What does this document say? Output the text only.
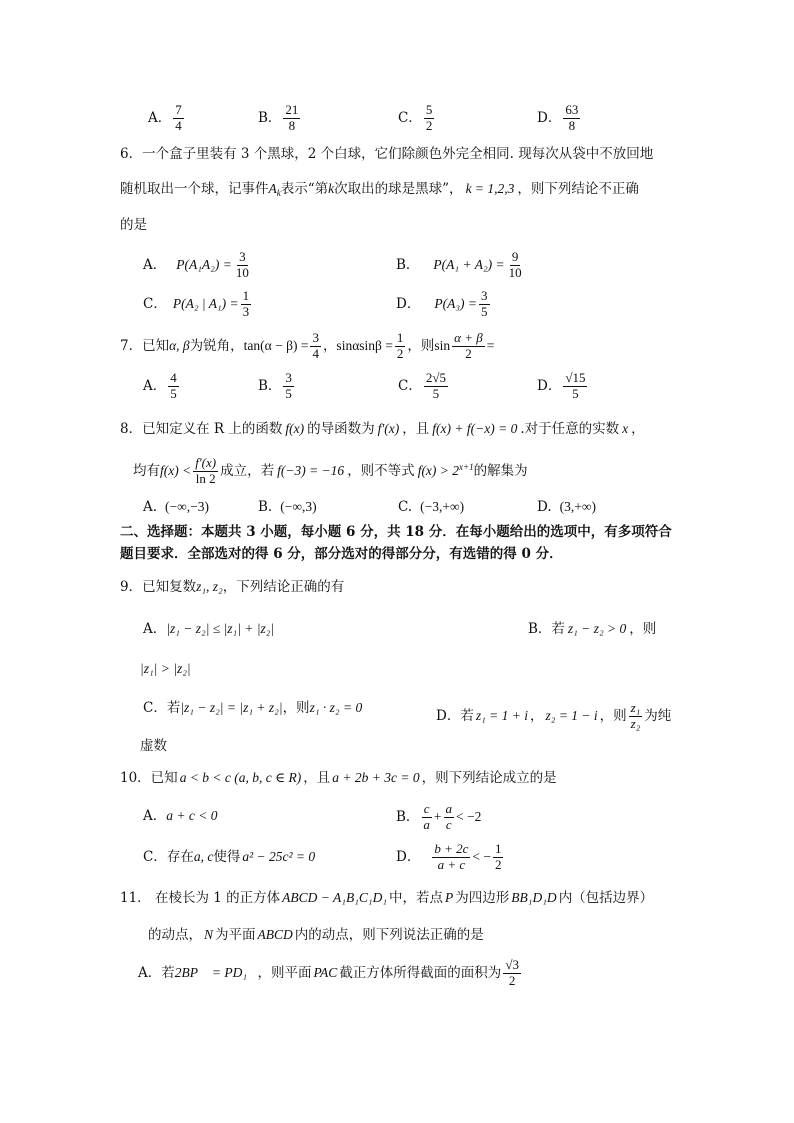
A． $\frac{7}{4}$	B． $\frac{21}{8}$	C． $\frac{5}{2}$	D． $\frac{63}{8}$
6．一个盒子里装有 3 个黑球，2 个白球，它们除颜色外完全相同. 现每次从袋中不放回地
随机取出一个球，记事件$A_k$表示“第k次取出的球是黑球”， k = 1,2,3 ，则下列结论不正确
的是
A． $P(A_1A_2) = \frac{3}{10}$	B． $P(A_1 + A_2) = \frac{9}{10}$
C． P(A₂ | $A_1) = \frac{1}{3}$	D． $P(A_3) = \frac{3}{5}$
7．已知α, β为锐角，$\tan(\alpha - \beta) = \frac{3}{4}$ ，$\sin\alpha\sin\beta = \frac{1}{2}$ ，则$\sin \frac{\alpha + \beta}{2}$ =
A． $\frac{4}{5}$	B． $\frac{3}{5}$	C． $\frac{2√5}{5}$	D． $\frac{√15}{5}$
8．已知定义在 R 上的函数 f(x) 的导函数为 f′(x) ，且 f(x) + f(−x) = 0 .对于任意的实数 x ，
均有$f(x) < \frac{f'(x)}{\ln 2}$ 成立，若 f(−3) = −16 ，则不等式 $f(x) > 2^{x+1}$的解集为
A. (−∞,−3)	B. (−∞,3)	C. (−3,+∞)	D. (3,+∞)
二、选择题：本题共 3 小题，每小题 6 分，共 18 分．在每小题给出的选项中，有多项符合
题目要求．全部选对的得 6 分，部分选对的得部分分，有选错的得 0 分．
9．已知复数z₁, z₂，下列结论正确的有
A．|z₁ − z₂| ≤ |z₁| + |z₂|	B．若 z₁ − z₂ > 0 ，则
|z₁| > |z₂|
C．若|z₁ − z₂| = |z₁ + z₂|，则z₁ · z₂ = 0
D．若 z₁ = 1 + i ， z₂ = 1 − i ，则 $\frac{\text{z₁}}{\text{z₂}}$ 为纯
虚数
10．已知 a < b < c (a, b, c ∈ R) ，且 a + 2b + 3c = 0 ，则下列结论成立的是
A．a + c < 0	B． $\frac{c}{a} + \frac{a}{c} < -2$
C．存在a, c使得 a² − 25c² = 0	D． $\frac{b + 2c}{a + c}$ < − $\frac{1}{2}$
11． 在棱长为 1 的正方体 ABCD − A₁B₁C₁D₁ 中，若点 P 为四边形 BB₁D₁D 内（包括边界）
的动点， N 为平面 ABCD 内的动点，则下列说法正确的是
A．若2BP⃗ = PD₁⃗，则平面 PAC 截正方体所得截面的面积为 $\frac{√3}{2}$
